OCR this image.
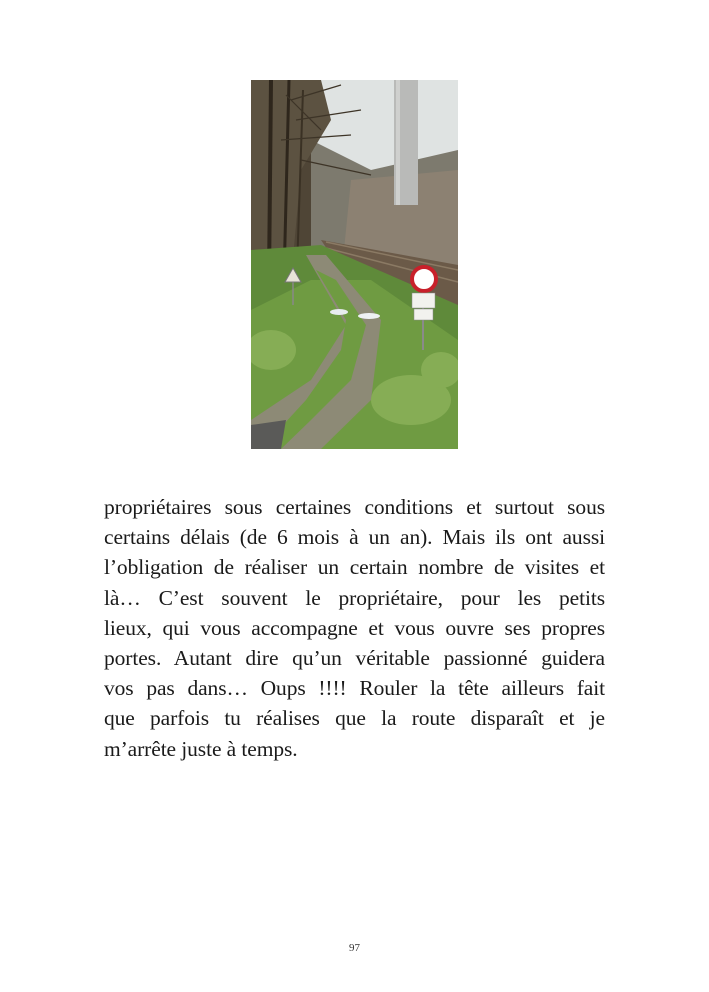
propriétaires sous certaines conditions et surtout sous
certains délais (de 6 mois à un an). Mais ils ont aussi
l’obligation de réaliser un certain nombre de visites et
là… C’est souvent le propriétaire, pour les petits
lieux, qui vous accompagne et vous ouvre ses propres
portes. Autant dire qu’un véritable passionné guidera
vos pas dans… Oups !!!! Rouler la tête ailleurs fait
que parfois tu réalises que la route disparaît et je
m’arrête juste à temps.
97
